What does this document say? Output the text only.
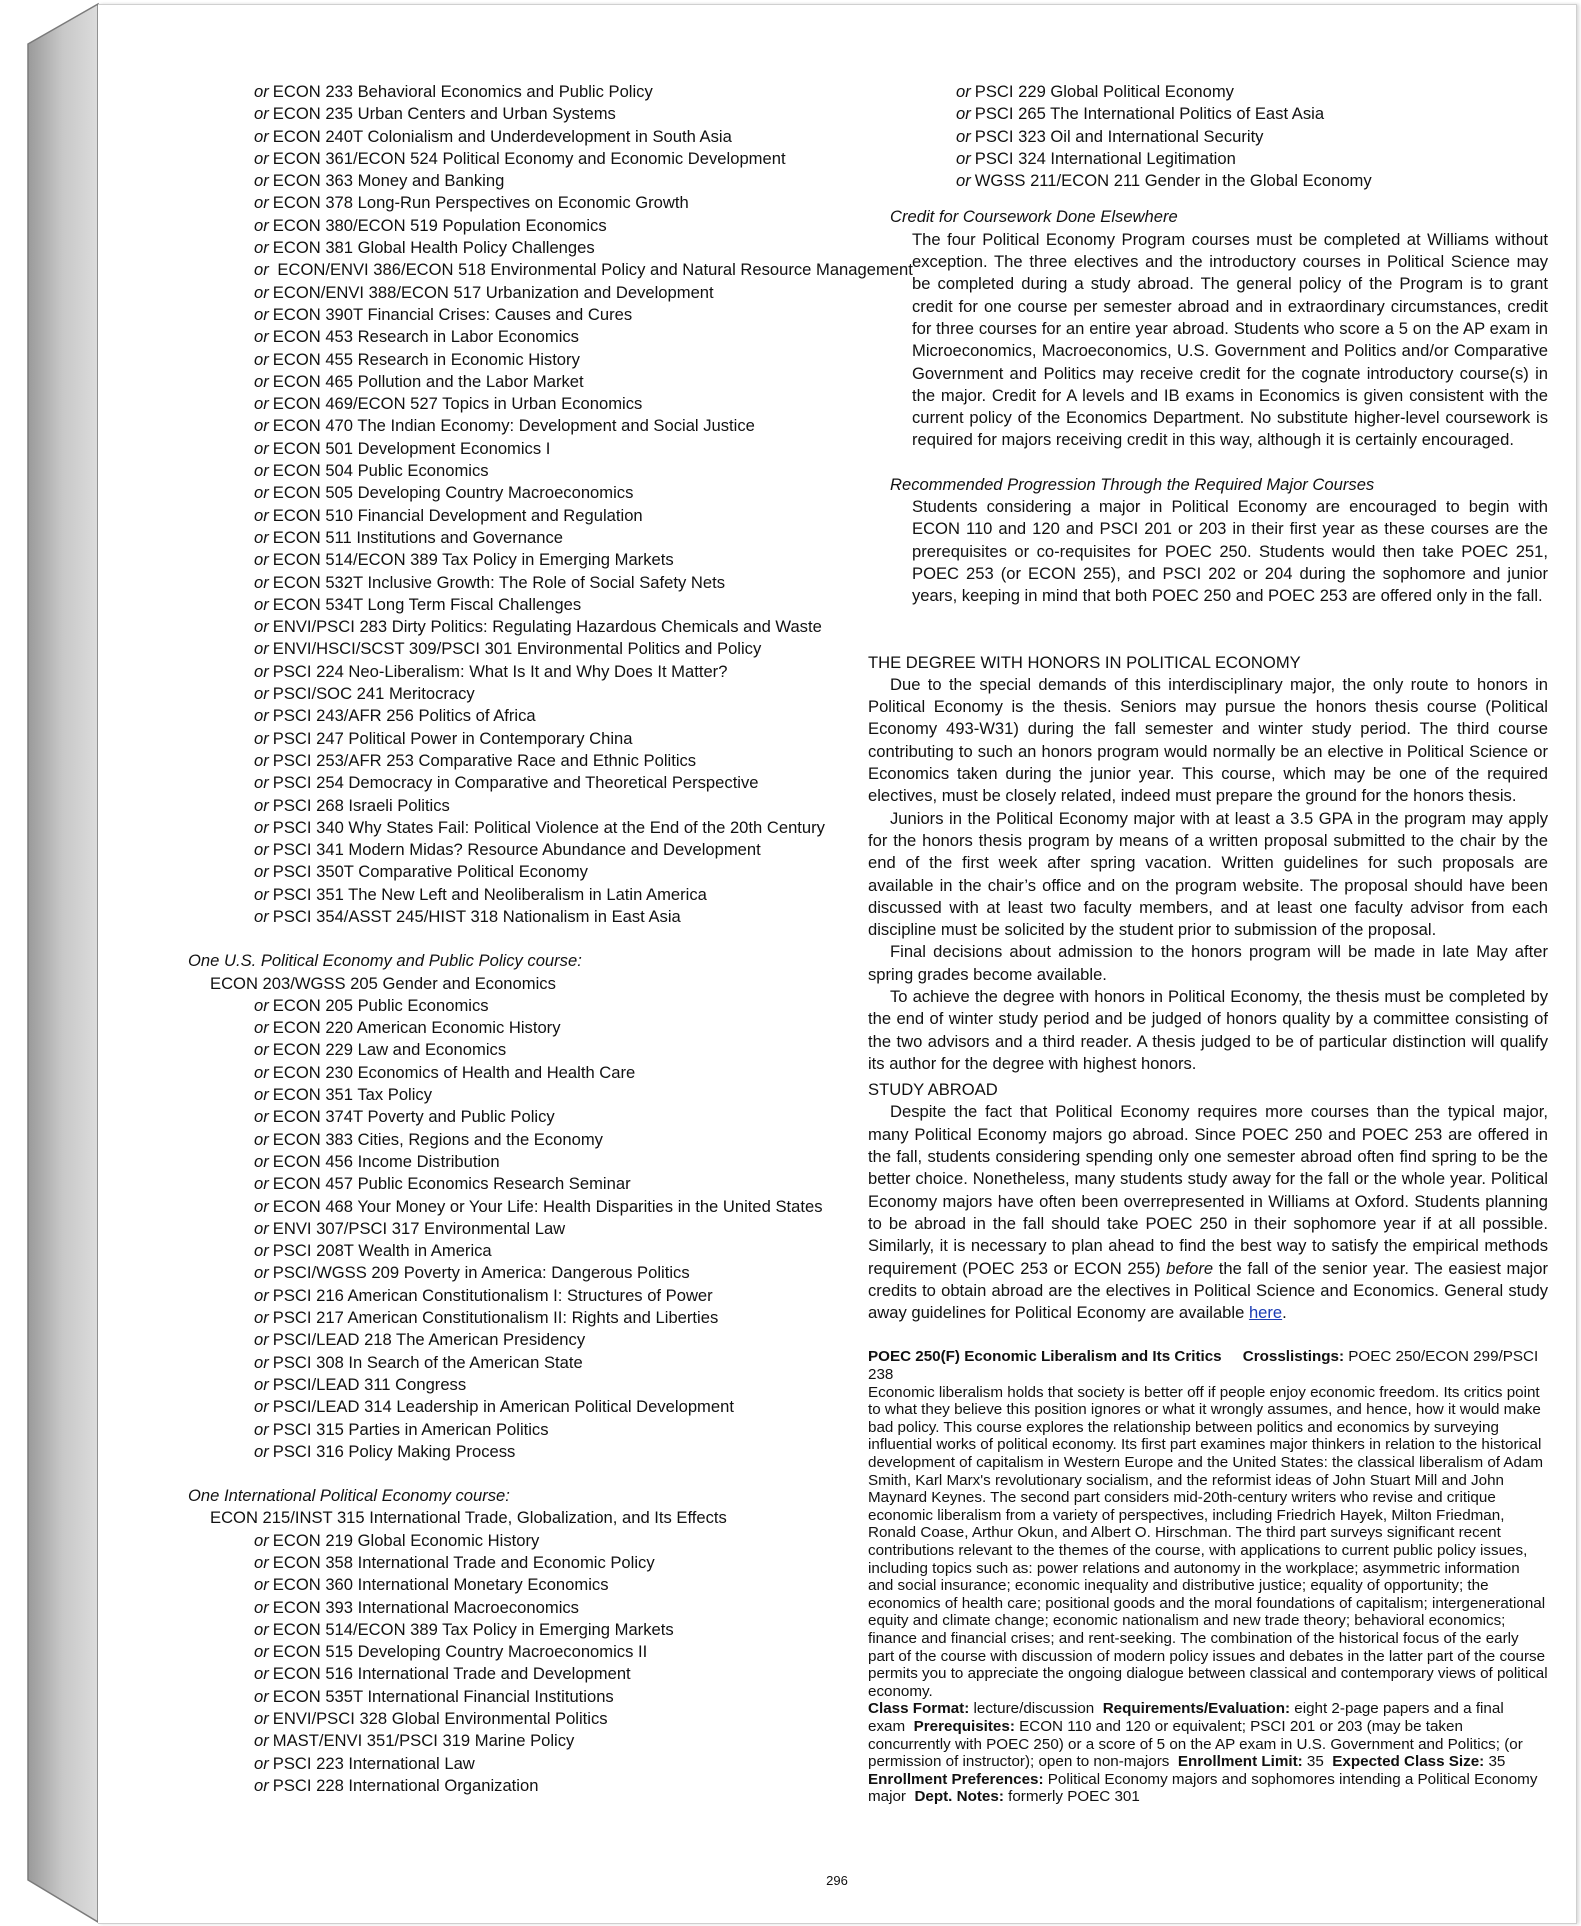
or ECON 233 Behavioral Economics and Public Policy
or ECON 235 Urban Centers and Urban Systems
or ECON 240T Colonialism and Underdevelopment in South Asia
or ECON 361/ECON 524 Political Economy and Economic Development
or ECON 363 Money and Banking
or ECON 378 Long-Run Perspectives on Economic Growth
or ECON 380/ECON 519 Population Economics
or ECON 381 Global Health Policy Challenges
or ECON/ENVI 386/ECON 518 Environmental Policy and Natural Resource Management
or ECON/ENVI 388/ECON 517 Urbanization and Development
or ECON 390T Financial Crises: Causes and Cures
or ECON 453 Research in Labor Economics
or ECON 455 Research in Economic History
or ECON 465 Pollution and the Labor Market
or ECON 469/ECON 527 Topics in Urban Economics
or ECON 470 The Indian Economy: Development and Social Justice
or ECON 501 Development Economics I
or ECON 504 Public Economics
or ECON 505 Developing Country Macroeconomics
or ECON 510 Financial Development and Regulation
or ECON 511 Institutions and Governance
or ECON 514/ECON 389 Tax Policy in Emerging Markets
or ECON 532T Inclusive Growth: The Role of Social Safety Nets
or ECON 534T Long Term Fiscal Challenges
or ENVI/PSCI 283 Dirty Politics: Regulating Hazardous Chemicals and Waste
or ENVI/HSCI/SCST 309/PSCI 301 Environmental Politics and Policy
or PSCI 224 Neo-Liberalism: What Is It and Why Does It Matter?
or PSCI/SOC 241 Meritocracy
or PSCI 243/AFR 256 Politics of Africa
or PSCI 247 Political Power in Contemporary China
or PSCI 253/AFR 253 Comparative Race and Ethnic Politics
or PSCI 254 Democracy in Comparative and Theoretical Perspective
or PSCI 268 Israeli Politics
or PSCI 340 Why States Fail: Political Violence at the End of the 20th Century
or PSCI 341 Modern Midas? Resource Abundance and Development
or PSCI 350T Comparative Political Economy
or PSCI 351 The New Left and Neoliberalism in Latin America
or PSCI 354/ASST 245/HIST 318 Nationalism in East Asia
One U.S. Political Economy and Public Policy course:
ECON 203/WGSS 205 Gender and Economics
or ECON 205 Public Economics
or ECON 220 American Economic History
or ECON 229 Law and Economics
or ECON 230 Economics of Health and Health Care
or ECON 351 Tax Policy
or ECON 374T Poverty and Public Policy
or ECON 383 Cities, Regions and the Economy
or ECON 456 Income Distribution
or ECON 457 Public Economics Research Seminar
or ECON 468 Your Money or Your Life: Health Disparities in the United States
or ENVI 307/PSCI 317 Environmental Law
or PSCI 208T Wealth in America
or PSCI/WGSS 209 Poverty in America: Dangerous Politics
or PSCI 216 American Constitutionalism I: Structures of Power
or PSCI 217 American Constitutionalism II: Rights and Liberties
or PSCI/LEAD 218 The American Presidency
or PSCI 308 In Search of the American State
or PSCI/LEAD 311 Congress
or PSCI/LEAD 314 Leadership in American Political Development
or PSCI 315 Parties in American Politics
or PSCI 316 Policy Making Process
One International Political Economy course:
ECON 215/INST 315 International Trade, Globalization, and Its Effects
or ECON 219 Global Economic History
or ECON 358 International Trade and Economic Policy
or ECON 360 International Monetary Economics
or ECON 393 International Macroeconomics
or ECON 514/ECON 389 Tax Policy in Emerging Markets
or ECON 515 Developing Country Macroeconomics II
or ECON 516 International Trade and Development
or ECON 535T International Financial Institutions
or ENVI/PSCI 328 Global Environmental Politics
or MAST/ENVI 351/PSCI 319 Marine Policy
or PSCI 223 International Law
or PSCI 228 International Organization
or PSCI 229 Global Political Economy
or PSCI 265 The International Politics of East Asia
or PSCI 323 Oil and International Security
or PSCI 324 International Legitimation
or WGSS 211/ECON 211 Gender in the Global Economy
Credit for Coursework Done Elsewhere
The four Political Economy Program courses must be completed at Williams without exception. The three electives and the introductory courses in Political Science may be completed during a study abroad. The general policy of the Program is to grant credit for one course per semester abroad and in extraordinary circumstances, credit for three courses for an entire year abroad. Students who score a 5 on the AP exam in Microeconomics, Macroeconomics, U.S. Government and Politics and/or Comparative Government and Politics may receive credit for the cognate introductory course(s) in the major. Credit for A levels and IB exams in Economics is given consistent with the current policy of the Economics Department. No substitute higher-level coursework is required for majors receiving credit in this way, although it is certainly encouraged.
Recommended Progression Through the Required Major Courses
Students considering a major in Political Economy are encouraged to begin with ECON 110 and 120 and PSCI 201 or 203 in their first year as these courses are the prerequisites or co-requisites for POEC 250. Students would then take POEC 251, POEC 253 (or ECON 255), and PSCI 202 or 204 during the sophomore and junior years, keeping in mind that both POEC 250 and POEC 253 are offered only in the fall.
THE DEGREE WITH HONORS IN POLITICAL ECONOMY
Due to the special demands of this interdisciplinary major, the only route to honors in Political Economy is the thesis. Seniors may pursue the honors thesis course (Political Economy 493-W31) during the fall semester and winter study period. The third course contributing to such an honors program would normally be an elective in Political Science or Economics taken during the junior year. This course, which may be one of the required electives, must be closely related, indeed must prepare the ground for the honors thesis.
Juniors in the Political Economy major with at least a 3.5 GPA in the program may apply for the honors thesis program by means of a written proposal submitted to the chair by the end of the first week after spring vacation. Written guidelines for such proposals are available in the chair’s office and on the program website. The proposal should have been discussed with at least two faculty members, and at least one faculty advisor from each discipline must be solicited by the student prior to submission of the proposal.
Final decisions about admission to the honors program will be made in late May after spring grades become available.
To achieve the degree with honors in Political Economy, the thesis must be completed by the end of winter study period and be judged of honors quality by a committee consisting of the two advisors and a third reader. A thesis judged to be of particular distinction will qualify its author for the degree with highest honors.
STUDY ABROAD
Despite the fact that Political Economy requires more courses than the typical major, many Political Economy majors go abroad. Since POEC 250 and POEC 253 are offered in the fall, students considering spending only one semester abroad often find spring to be the better choice. Nonetheless, many students study away for the fall or the whole year. Political Economy majors have often been overrepresented in Williams at Oxford. Students planning to be abroad in the fall should take POEC 250 in their sophomore year if at all possible. Similarly, it is necessary to plan ahead to find the best way to satisfy the empirical methods requirement (POEC 253 or ECON 255) before the fall of the senior year. The easiest major credits to obtain abroad are the electives in Political Science and Economics. General study away guidelines for Political Economy are available here.
POEC 250(F) Economic Liberalism and Its Critics Crosslistings: POEC 250/ECON 299/PSCI 238
Economic liberalism holds that society is better off if people enjoy economic freedom. Its critics point to what they believe this position ignores or what it wrongly assumes, and hence, how it would make bad policy. This course explores the relationship between politics and economics by surveying influential works of political economy. Its first part examines major thinkers in relation to the historical development of capitalism in Western Europe and the United States: the classical liberalism of Adam Smith, Karl Marx's revolutionary socialism, and the reformist ideas of John Stuart Mill and John Maynard Keynes. The second part considers mid-20th-century writers who revise and critique economic liberalism from a variety of perspectives, including Friedrich Hayek, Milton Friedman, Ronald Coase, Arthur Okun, and Albert O. Hirschman. The third part surveys significant recent contributions relevant to the themes of the course, with applications to current public policy issues, including topics such as: power relations and autonomy in the workplace; asymmetric information and social insurance; economic inequality and distributive justice; equality of opportunity; the economics of health care; positional goods and the moral foundations of capitalism; intergenerational equity and climate change; economic nationalism and new trade theory; behavioral economics; finance and financial crises; and rent-seeking. The combination of the historical focus of the early part of the course with discussion of modern policy issues and debates in the latter part of the course permits you to appreciate the ongoing dialogue between classical and contemporary views of political economy.
Class Format: lecture/discussion Requirements/Evaluation: eight 2-page papers and a final exam Prerequisites: ECON 110 and 120 or equivalent; PSCI 201 or 203 (may be taken concurrently with POEC 250) or a score of 5 on the AP exam in U.S. Government and Politics; (or permission of instructor); open to non-majors Enrollment Limit: 35 Expected Class Size: 35  Enrollment Preferences: Political Economy majors and sophomores intending a Political Economy major Dept. Notes: formerly POEC 301
296
